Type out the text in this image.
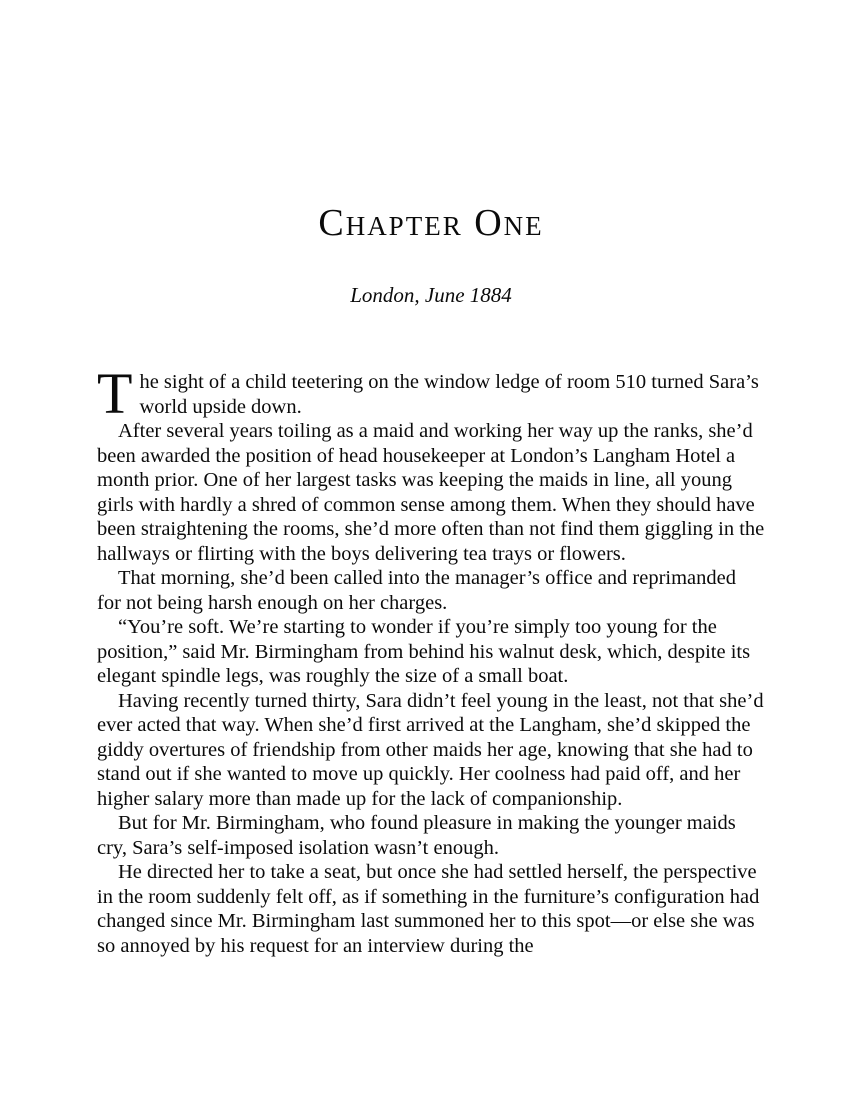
Chapter One
London, June 1884

The sight of a child teetering on the window ledge of room 510 turned Sara’s world upside down.

After several years toiling as a maid and working her way up the ranks, she’d been awarded the position of head housekeeper at London’s Langham Hotel a month prior. One of her largest tasks was keeping the maids in line, all young girls with hardly a shred of common sense among them. When they should have been straightening the rooms, she’d more often than not find them giggling in the hallways or flirting with the boys delivering tea trays or flowers.

That morning, she’d been called into the manager’s office and reprimanded for not being harsh enough on her charges.

“You’re soft. We’re starting to wonder if you’re simply too young for the position,” said Mr. Birmingham from behind his walnut desk, which, despite its elegant spindle legs, was roughly the size of a small boat.

Having recently turned thirty, Sara didn’t feel young in the least, not that she’d ever acted that way. When she’d first arrived at the Langham, she’d skipped the giddy overtures of friendship from other maids her age, knowing that she had to stand out if she wanted to move up quickly. Her coolness had paid off, and her higher salary more than made up for the lack of companionship.

But for Mr. Birmingham, who found pleasure in making the younger maids cry, Sara’s self-imposed isolation wasn’t enough.

He directed her to take a seat, but once she had settled herself, the perspective in the room suddenly felt off, as if something in the furniture’s configuration had changed since Mr. Birmingham last summoned her to this spot—or else she was so annoyed by his request for an interview during the
